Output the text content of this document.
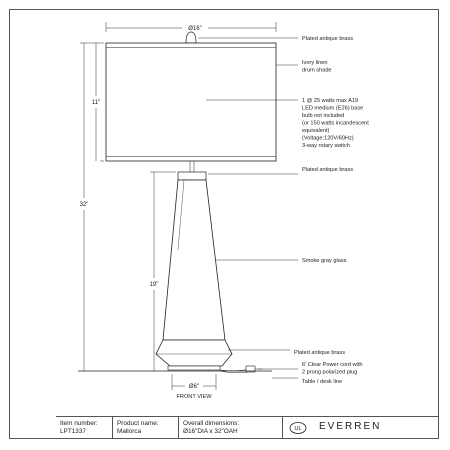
Ø16"
11"
32"
19"
Ø6"
FRONT VIEW
Plated antique brass
Ivory linen drum shade
1 @ 25 watts max A19 LED medium (E26) base bulb not included (or 150 watts incandescent equivalent) (Voltage:120V/60Hz) 3-way rotary switch
Plated antique brass
Smoke gray glass
Plated antique brass
6' Clear Power cord with 2 prong polarized plug
Table / desk line
Item number:
LPT1337
Product name:
Mallorca
Overall dimensions:
Ø16"DIA x 32"OAH	UL	EVERREN
